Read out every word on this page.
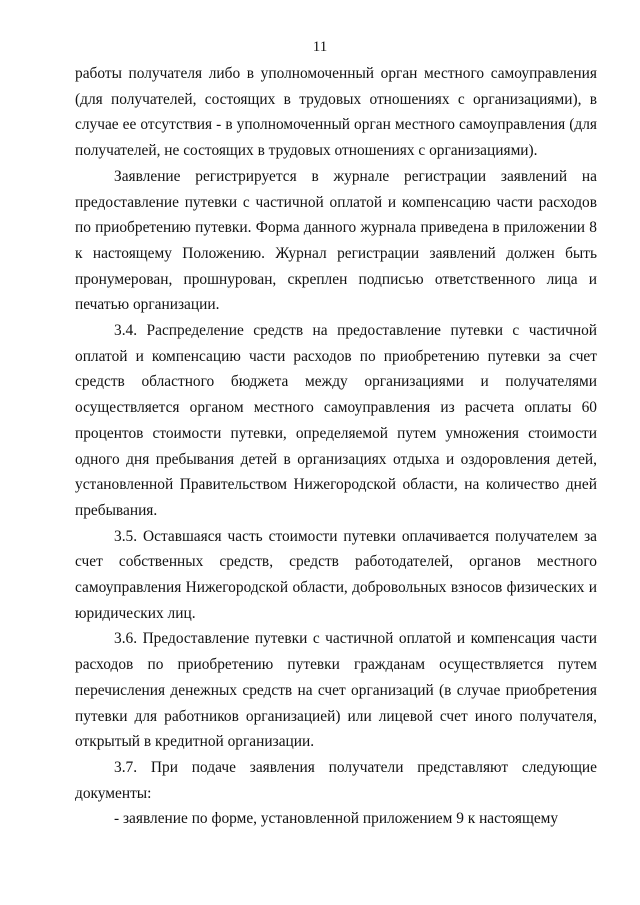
11

работы получателя либо в уполномоченный орган местного самоуправления (для получателей, состоящих в трудовых отношениях с организациями), в случае ее отсутствия - в уполномоченный орган местного самоуправления (для получателей, не состоящих в трудовых отношениях с организациями).

Заявление регистрируется в журнале регистрации заявлений на предоставление путевки с частичной оплатой и компенсацию части расходов по приобретению путевки. Форма данного журнала приведена в приложении 8 к настоящему Положению. Журнал регистрации заявлений должен быть пронумерован, прошнурован, скреплен подписью ответственного лица и печатью организации.

3.4. Распределение средств на предоставление путевки с частичной оплатой и компенсацию части расходов по приобретению путевки за счет средств областного бюджета между организациями и получателями осуществляется органом местного самоуправления из расчета оплаты 60 процентов стоимости путевки, определяемой путем умножения стоимости одного дня пребывания детей в организациях отдыха и оздоровления детей, установленной Правительством Нижегородской области, на количество дней пребывания.

3.5. Оставшаяся часть стоимости путевки оплачивается получателем за счет собственных средств, средств работодателей, органов местного самоуправления Нижегородской области, добровольных взносов физических и юридических лиц.

3.6. Предоставление путевки с частичной оплатой и компенсация части расходов по приобретению путевки гражданам осуществляется путем перечисления денежных средств на счет организаций (в случае приобретения путевки для работников организацией) или лицевой счет иного получателя, открытый в кредитной организации.

3.7. При подаче заявления получатели представляют следующие документы:

- заявление по форме, установленной приложением 9 к настоящему
